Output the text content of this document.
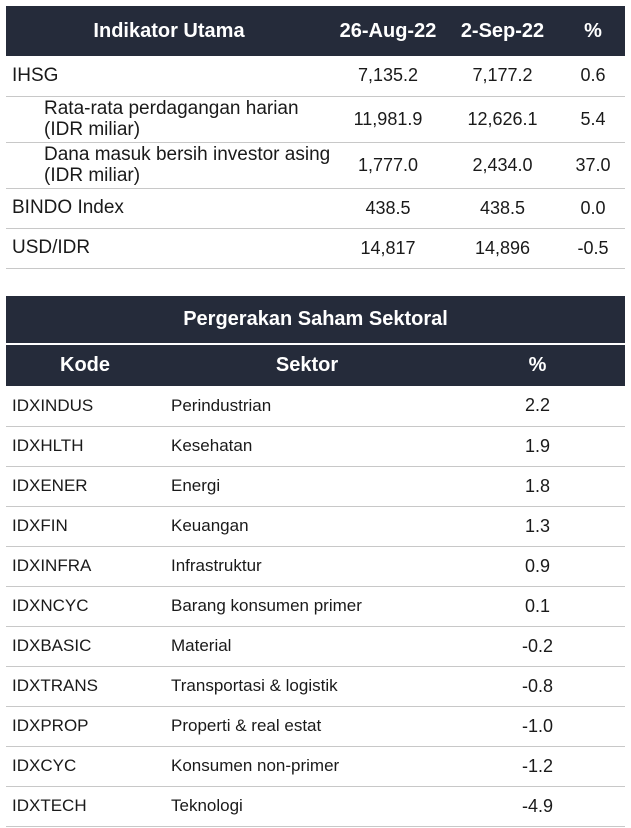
Indikator Utama	26-Aug-22	2-Sep-22	%
IHSG	7,135.2	7,177.2	0.6
Rata-rata perdagangan harian (IDR miliar)	11,981.9	12,626.1	5.4
Dana masuk bersih investor asing (IDR miliar)	1,777.0	2,434.0	37.0
BINDO Index	438.5	438.5	0.0
USD/IDR	14,817	14,896	-0.5
Pergerakan Saham Sektoral		
Kode	Sektor	%
IDXINDUS	Perindustrian	2.2
IDXHLTH	Kesehatan	1.9
IDXENER	Energi	1.8
IDXFIN	Keuangan	1.3
IDXINFRA	Infrastruktur	0.9
IDXNCYC	Barang konsumen primer	0.1
IDXBASIC	Material	-0.2
IDXTRANS	Transportasi & logistik	-0.8
IDXPROP	Properti & real estat	-1.0
IDXCYC	Konsumen non-primer	-1.2
IDXTECH	Teknologi	-4.9
